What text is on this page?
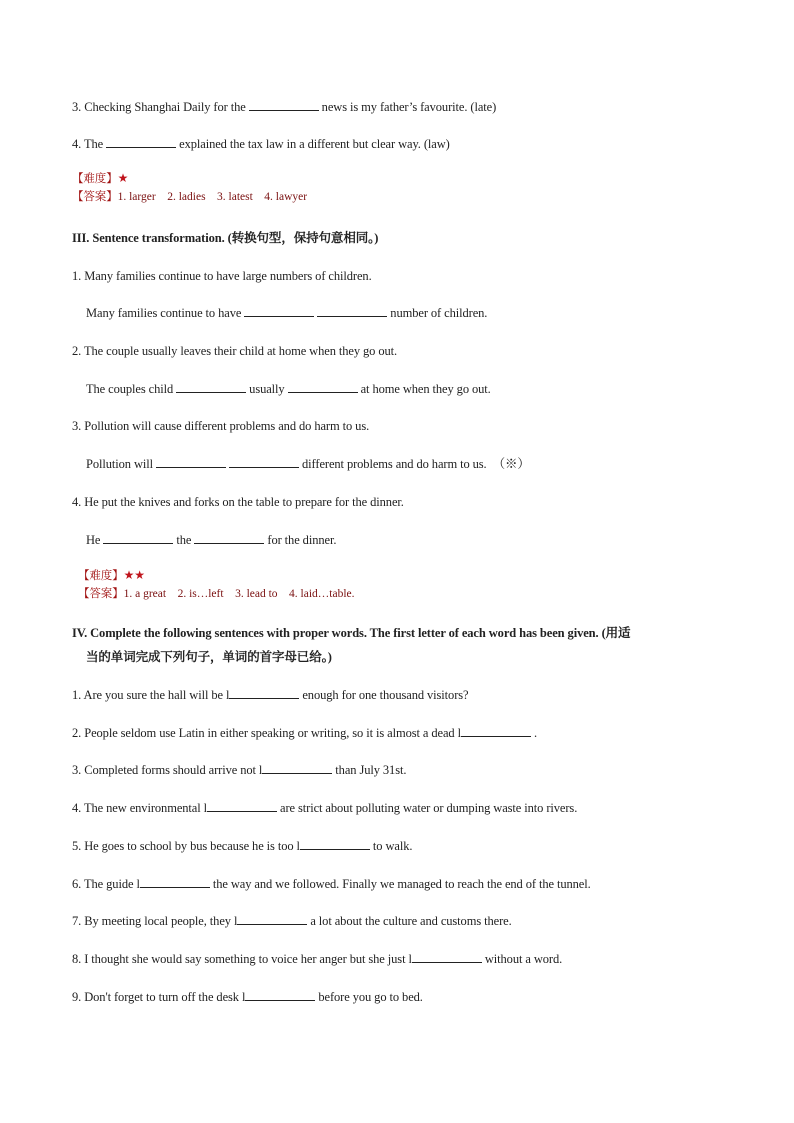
3. Checking Shanghai Daily for the	news is my father’s favourite. (late)
4. The	explained the tax law in a different but clear way. (law)
【难度】★
【答案】1. larger    2. ladies    3. latest    4. lawyer
III. Sentence transformation. (转换句型，保持句意相同。)
1. Many families continue to have large numbers of children.
Many families continue to have	number of children.
2. The couple usually leaves their child at home when they go out.
The couples child	usually	at home when they go out.
3. Pollution will cause different problems and do harm to us.
Pollution will	different problems and do harm to us.  （※）
4. He put the knives and forks on the table to prepare for the dinner.
He	the	for the dinner.
【难度】★★
【答案】1. a great    2. is…left    3. lead to    4. laid…table.
IV. Complete the following sentences with proper words. The first letter of each word has been given. (用适
当的单词完成下列句子，单词的首字母已给。)
1. Are you sure the hall will be l	enough for one thousand visitors?
2. People seldom use Latin in either speaking or writing, so it is almost a dead l	.
3. Completed forms should arrive not l	than July 31st.
4. The new environmental l	are strict about polluting water or dumping waste into rivers.
5. He goes to school by bus because he is too l	to walk.
6. The guide l	the way and we followed. Finally we managed to reach the end of the tunnel.
7. By meeting local people, they l	a lot about the culture and customs there.
8. I thought she would say something to voice her anger but she just l	without a word.
9. Don't forget to turn off the desk l	before you go to bed.
